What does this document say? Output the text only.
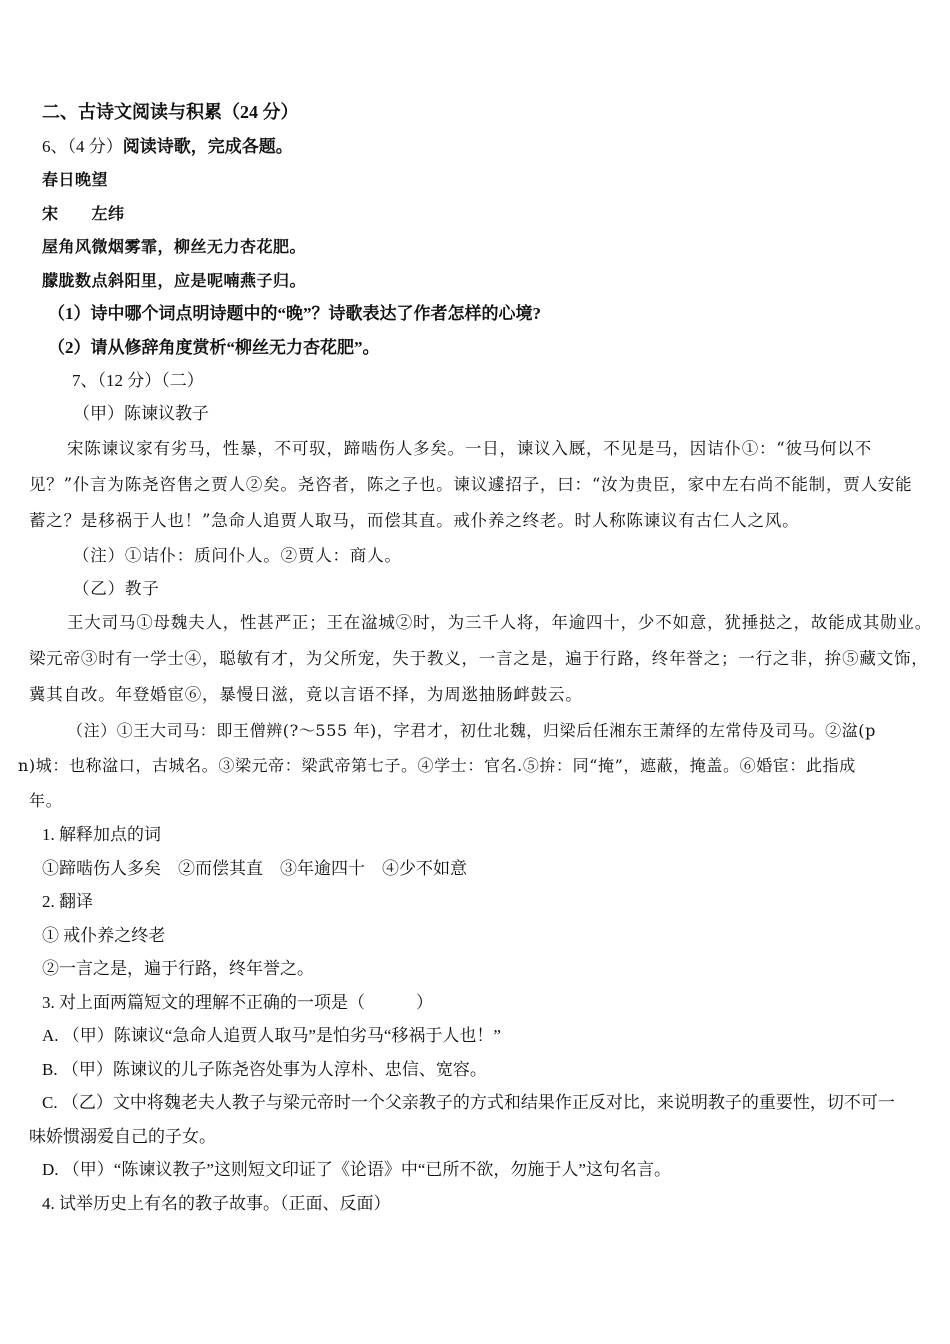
二、古诗文阅读与积累（24 分）
6、（4 分）阅读诗歌，完成各题。
春日晚望
宋　　左纬
屋角风微烟雾霏，柳丝无力杏花肥。
朦胧数点斜阳里，应是呢喃燕子归。
（1）诗中哪个词点明诗题中的“晚”？诗歌表达了作者怎样的心境?
（2）请从修辞角度赏析“柳丝无力杏花肥”。
7、（12 分）（二）
（甲）陈谏议教子
宋陈谏议家有劣马，性暴，不可驭，蹄啮伤人多矣。一日，谏议入厩，不见是马，因诘仆①：“彼马何以不
见？”仆言为陈尧咨售之贾人②矣。尧咨者，陈之子也。谏议遽招子，曰：“汝为贵臣，家中左右尚不能制，贾人安能
蓄之？是移祸于人也！”急命人追贾人取马，而偿其直。戒仆养之终老。时人称陈谏议有古仁人之风。
（注）①诘仆：质问仆人。②贾人：商人。
（乙）教子
王大司马①母魏夫人，性甚严正；王在湓城②时，为三千人将，年逾四十，少不如意，犹捶挞之，故能成其勋业。
梁元帝③时有一学士④，聪敏有才，为父所宠，失于教义，一言之是，遍于行路，终年誉之；一行之非，拚⑤藏文饰，
冀其自改。年登婚宦⑥，暴慢日滋，竟以言语不择，为周逖抽肠衅鼓云。
（注）①王大司马：即王僧辨(?～555 年)，字君才，初仕北魏，归梁后任湘东王萧绎的左常侍及司马。②湓(p
n)城：也称湓口，古城名。③梁元帝：梁武帝第七子。④学士：官名.⑤拚：同“掩”，遮蔽，掩盖。⑥婚宦：此指成
年。
1. 解释加点的词
①蹄啮伤人多矣　②而偿其直　③年逾四十　④少不如意
2. 翻译
① 戒仆养之终老
②一言之是，遍于行路，终年誉之。
3. 对上面两篇短文的理解不正确的一项是（　　　）
A. （甲）陈谏议“急命人追贾人取马”是怕劣马“移祸于人也！”
B. （甲）陈谏议的儿子陈尧咨处事为人淳朴、忠信、宽容。
C. （乙）文中将魏老夫人教子与梁元帝时一个父亲教子的方式和结果作正反对比，来说明教子的重要性，切不可一
味娇惯溺爱自己的子女。
D. （甲）“陈谏议教子”这则短文印证了《论语》中“已所不欲，勿施于人”这句名言。
4. 试举历史上有名的教子故事。（正面、反面）
